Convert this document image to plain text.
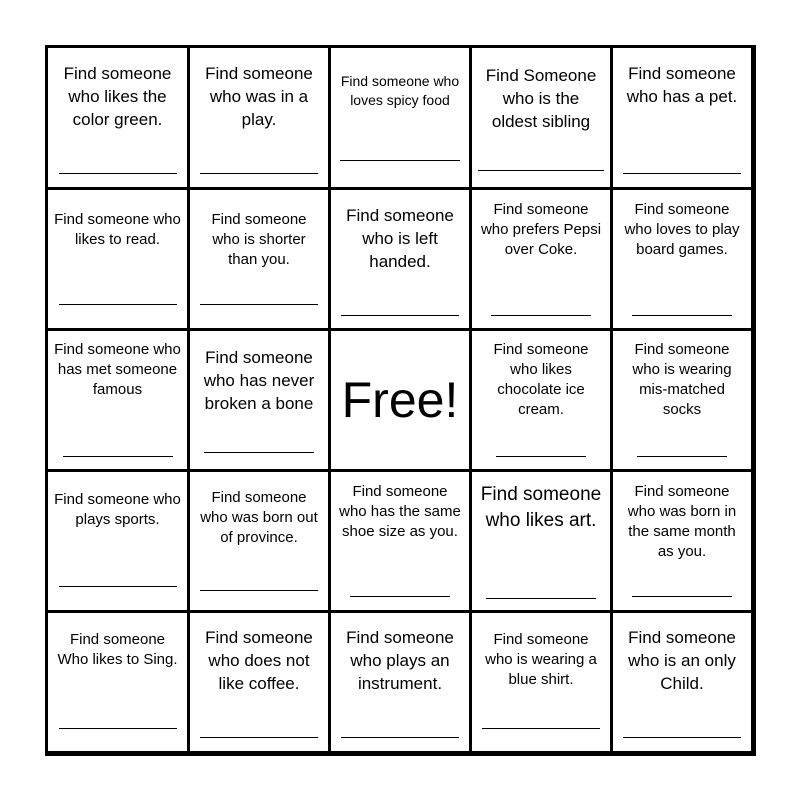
Find someone who likes the color green.
Find someone who was in a play.
Find someone who loves spicy food
Find Someone who is the oldest sibling
Find someone who has a pet.
Find someone who likes to read.
Find someone who is shorter than you.
Find someone who is left handed.
Find someone who prefers Pepsi over Coke.
Find someone who loves to play board games.
Find someone who has met someone famous
Find someone who has never broken a bone Free!
Find someone who likes chocolate ice cream.
Find someone who is wearing mis-matched socks
Find someone who plays sports.
Find someone who was born out of province.
Find someone who has the same shoe size as you.
Find someone who likes art.
Find someone who was born in the same month as you.
Find someone Who likes to Sing.
Find someone who does not like coffee.
Find someone who plays an instrument.
Find someone who is wearing a blue shirt.
Find someone who is an only Child.
